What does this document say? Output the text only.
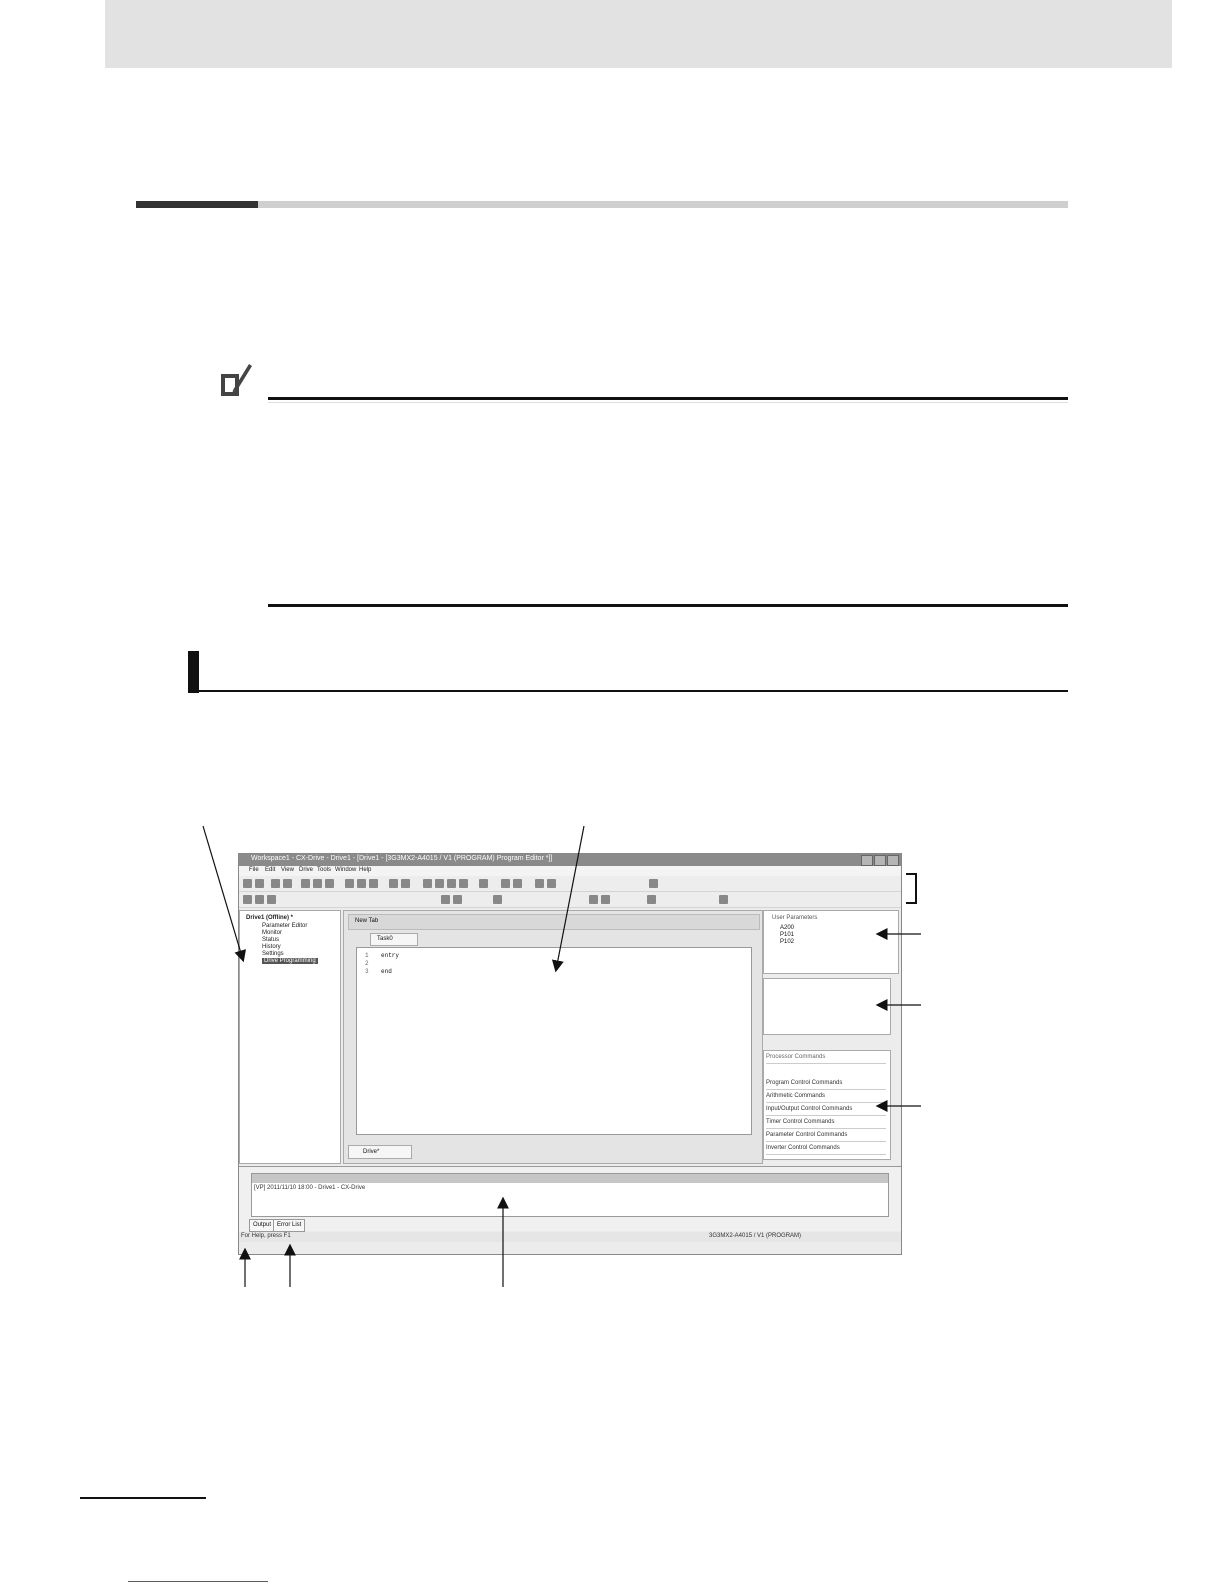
Workspace1 - CX-Drive - Drive1 - [Drive1 - [3G3MX2-A4015 / V1 (PROGRAM) Program Editor *]]
File Edit View Drive Tools Window Help
Drive1 (Offline) *
Parameter Editor
Monitor
Status
History
Settings
Drive Programming
New Tab
Task0
1 entry
2
3 end
Drive*
User Parameters
A200
P101
P102
Processor Commands
Program Control Commands
Arithmetic Commands
Input/Output Control Commands
Timer Control Commands
Parameter Control Commands
Inverter Control Commands
[VP] 2011/11/10 18:00 - Drive1 - CX-Drive
Output Error List
For Help, press F1	3G3MX2-A4015 / V1 (PROGRAM)
